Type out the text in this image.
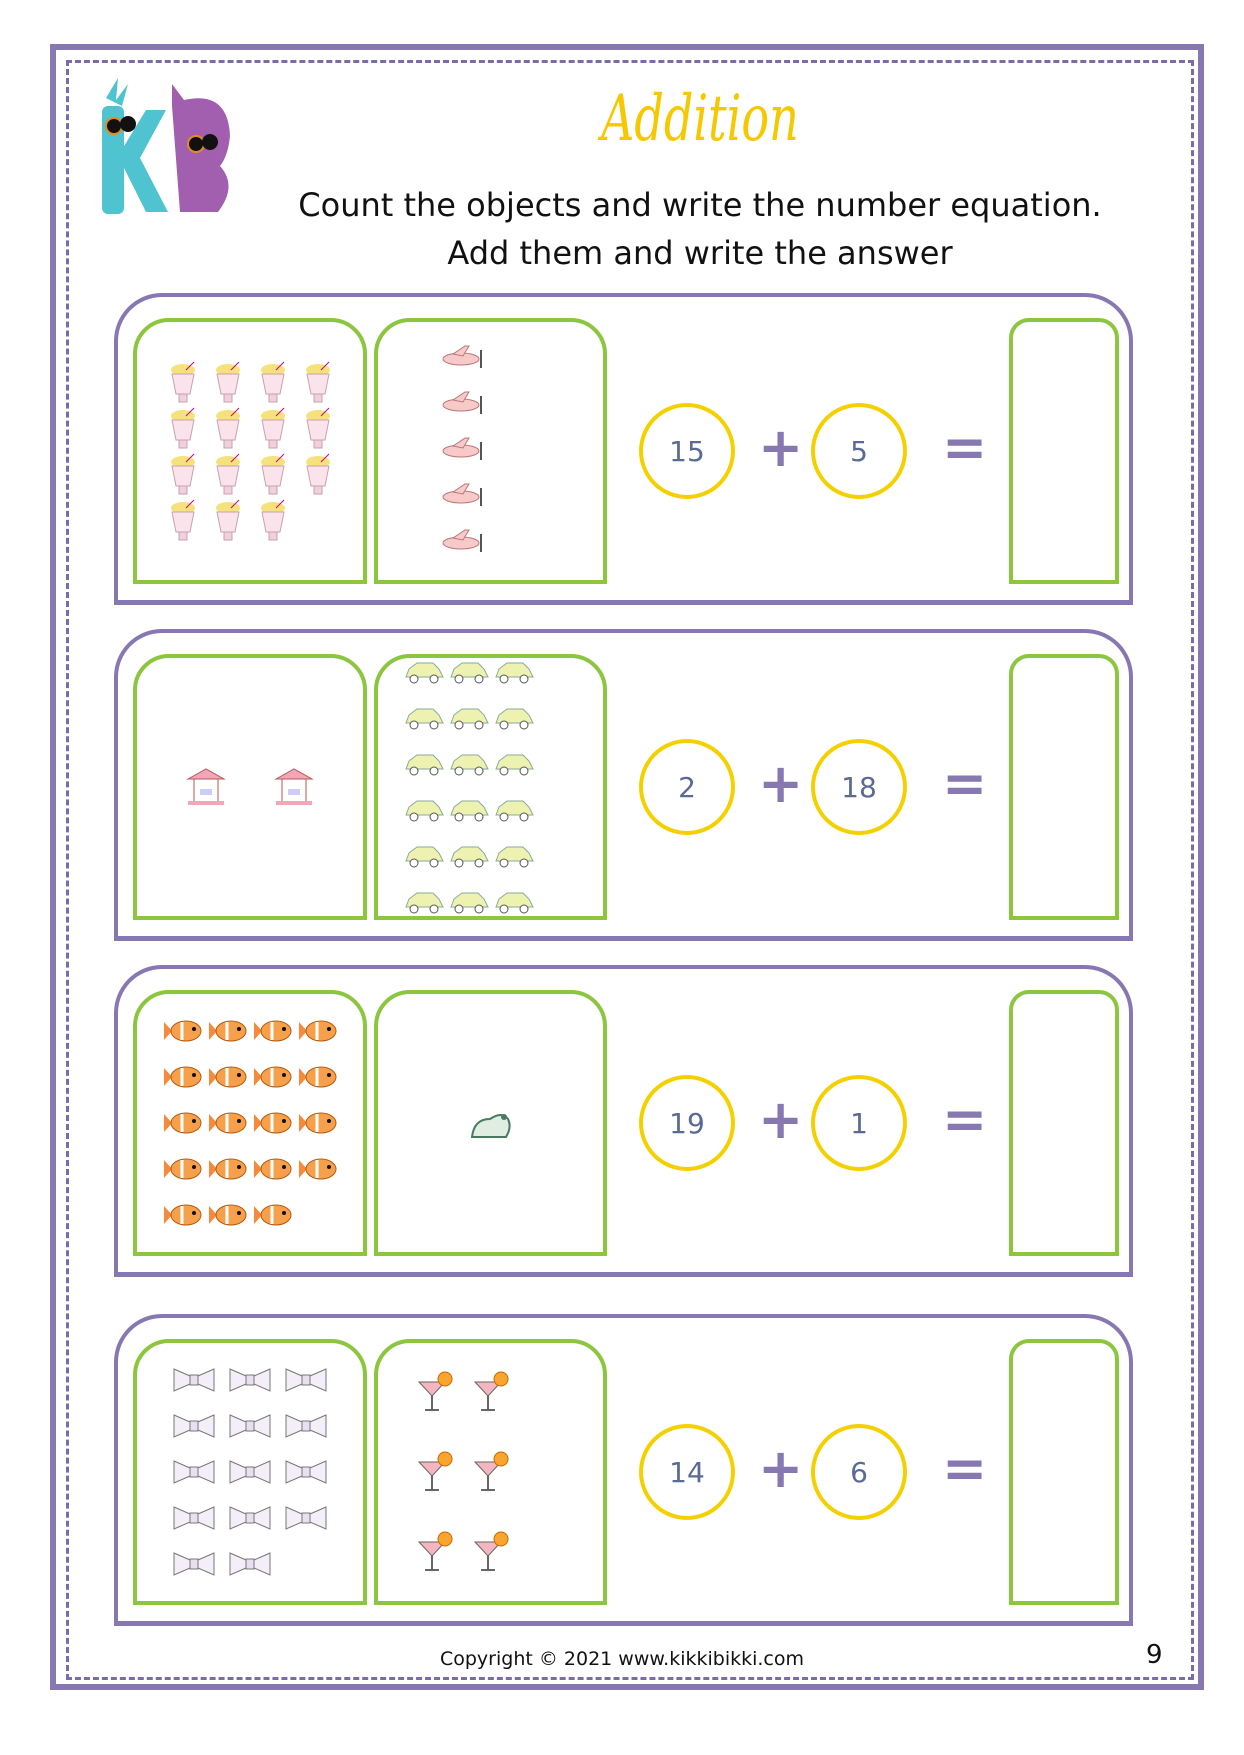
Addition
Count the objects and write the number equation.
Add them and write the answer
15 +	5	=
2	+	18	=
19 +	1	=
14 +	6	=
Copyright © 2021 www.kikkibikki.com	9
